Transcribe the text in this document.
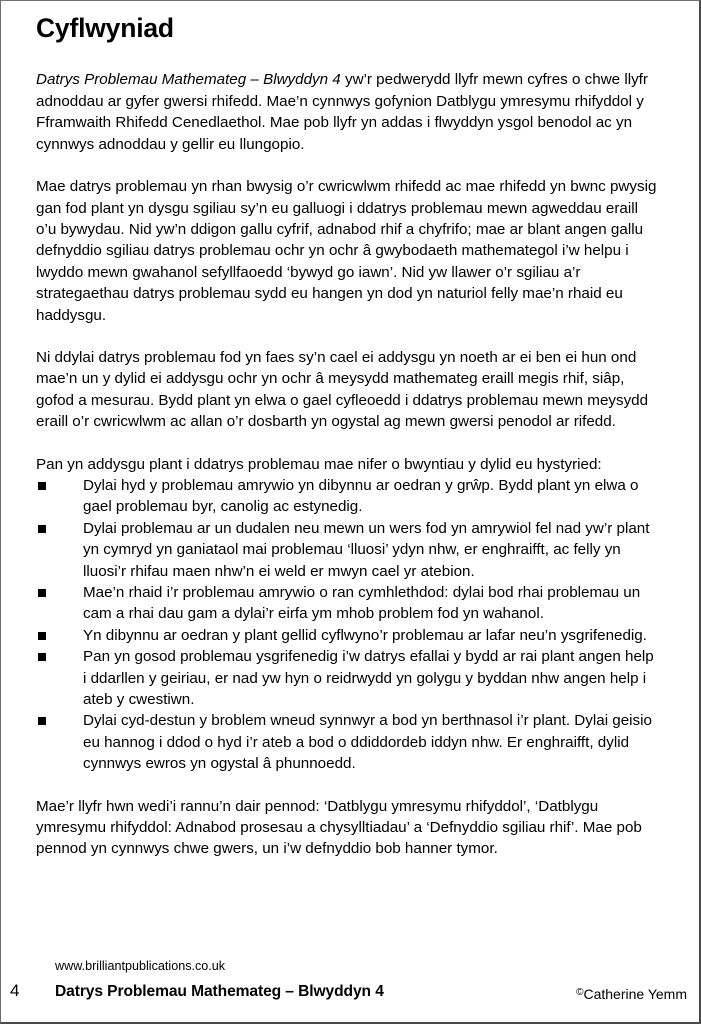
Cyflwyniad

Datrys Problemau Mathemateg – Blwyddyn 4 yw’r pedwerydd llyfr mewn cyfres o chwe llyfr adnoddau ar gyfer gwersi rhifedd. Mae’n cynnwys gofynion Datblygu ymresymu rhifyddol y Fframwaith Rhifedd Cenedlaethol. Mae pob llyfr yn addas i flwyddyn ysgol benodol ac yn cynnwys adnoddau y gellir eu llungopio.

Mae datrys problemau yn rhan bwysig o’r cwricwlwm rhifedd ac mae rhifedd yn bwnc pwysig gan fod plant yn dysgu sgiliau sy’n eu galluogi i ddatrys problemau mewn agweddau eraill o’u bywydau. Nid yw’n ddigon gallu cyfrif, adnabod rhif a chyfrifo; mae ar blant angen gallu defnyddio sgiliau datrys problemau ochr yn ochr â gwybodaeth mathemategol i’w helpu i lwyddo mewn gwahanol sefyllfaoedd ‘bywyd go iawn’. Nid yw llawer o’r sgiliau a’r strategaethau datrys problemau sydd eu hangen yn dod yn naturiol felly mae’n rhaid eu haddysgu.

Ni ddylai datrys problemau fod yn faes sy’n cael ei addysgu yn noeth ar ei ben ei hun ond mae’n un y dylid ei addysgu ochr yn ochr â meysydd mathemateg eraill megis rhif, siâp, gofod a mesurau. Bydd plant yn elwa o gael cyfleoedd i ddatrys problemau mewn meysydd eraill o’r cwricwlwm ac allan o’r dosbarth yn ogystal ag mewn gwersi penodol ar rifedd.

Pan yn addysgu plant i ddatrys problemau mae nifer o bwyntiau y dylid eu hystyried:

Dylai hyd y problemau amrywio yn dibynnu ar oedran y grŵp. Bydd plant yn elwa o gael problemau byr, canolig ac estynedig.
Dylai problemau ar un dudalen neu mewn un wers fod yn amrywiol fel nad yw’r plant yn cymryd yn ganiataol mai problemau ‘lluosi’ ydyn nhw, er enghraifft, ac felly yn lluosi’r rhifau maen nhw’n ei weld er mwyn cael yr atebion.
Mae’n rhaid i’r problemau amrywio o ran cymhlethdod: dylai bod rhai problemau un cam a rhai dau gam a dylai’r eirfa ym mhob problem fod yn wahanol.
Yn dibynnu ar oedran y plant gellid cyflwyno’r problemau ar lafar neu’n ysgrifenedig.
Pan yn gosod problemau ysgrifenedig i’w datrys efallai y bydd ar rai plant angen help i ddarllen y geiriau, er nad yw hyn o reidrwydd yn golygu y byddan nhw angen help i ateb y cwestiwn.
Dylai cyd-destun y broblem wneud synnwyr a bod yn berthnasol i’r plant. Dylai geisio eu hannog i ddod o hyd i’r ateb a bod o ddiddordeb iddyn nhw. Er enghraifft, dylid cynnwys ewros yn ogystal â phunnoedd.

Mae’r llyfr hwn wedi’i rannu’n dair pennod: ‘Datblygu ymresymu rhifyddol’, ‘Datblygu ymresymu rhifyddol: Adnabod prosesau a chysylltiadau’ a ‘Defnyddio sgiliau rhif’. Mae pob pennod yn cynnwys chwe gwers, un i’w defnyddio bob hanner tymor.

www.brilliantpublications.co.uk
4 Datrys Problemau Mathemateg – Blwyddyn 4	©Catherine Yemm
